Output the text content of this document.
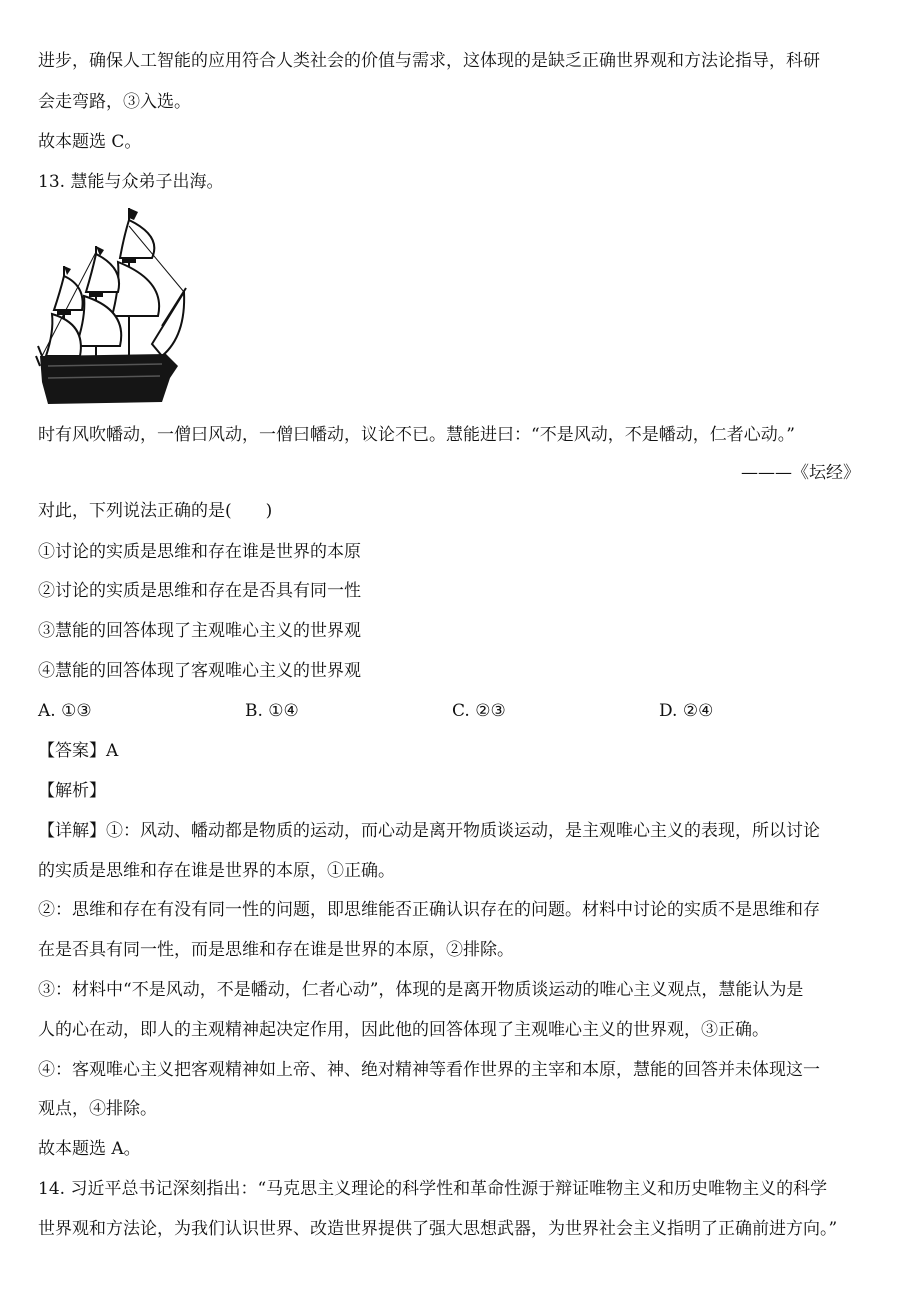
进步，确保人工智能的应用符合人类社会的价值与需求，这体现的是缺乏正确世界观和方法论指导，科研
会走弯路，③入选。
故本题选 C。
13. 慧能与众弟子出海。
时有风吹幡动，一僧曰风动，一僧曰幡动，议论不已。慧能进曰：“不是风动，不是幡动，仁者心动。”
———《坛经》
对此，下列说法正确的是(　　)
①讨论的实质是思维和存在谁是世界的本原
②讨论的实质是思维和存在是否具有同一性
③慧能的回答体现了主观唯心主义的世界观
④慧能的回答体现了客观唯心主义的世界观
A. ①③	B. ①④	C. ②③	D. ②④
【答案】A
【解析】
【详解】①：风动、幡动都是物质的运动，而心动是离开物质谈运动，是主观唯心主义的表现，所以讨论
的实质是思维和存在谁是世界的本原，①正确。
②：思维和存在有没有同一性的问题，即思维能否正确认识存在的问题。材料中讨论的实质不是思维和存
在是否具有同一性，而是思维和存在谁是世界的本原，②排除。
③：材料中“不是风动，不是幡动，仁者心动”，体现的是离开物质谈运动的唯心主义观点，慧能认为是
人的心在动，即人的主观精神起决定作用，因此他的回答体现了主观唯心主义的世界观，③正确。
④：客观唯心主义把客观精神如上帝、神、绝对精神等看作世界的主宰和本原，慧能的回答并未体现这一
观点，④排除。
故本题选 A。
14. 习近平总书记深刻指出：“马克思主义理论的科学性和革命性源于辩证唯物主义和历史唯物主义的科学
世界观和方法论，为我们认识世界、改造世界提供了强大思想武器，为世界社会主义指明了正确前进方向。”
